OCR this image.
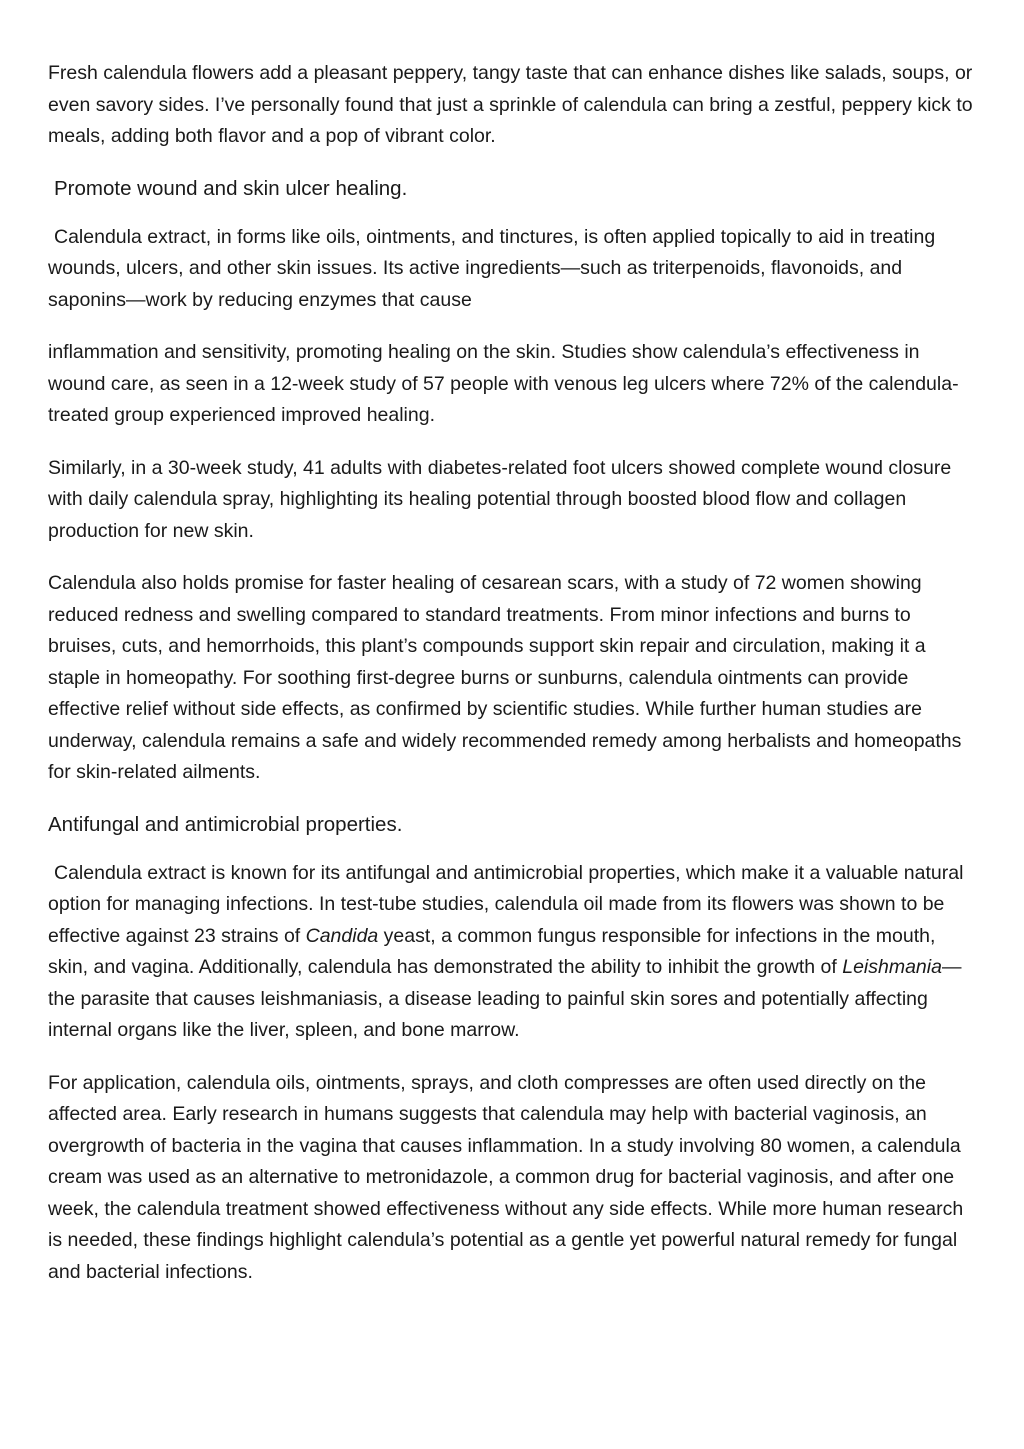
Fresh calendula flowers add a pleasant peppery, tangy taste that can enhance dishes like salads, soups, or even savory sides. I’ve personally found that just a sprinkle of calendula can bring a zestful, peppery kick to meals, adding both flavor and a pop of vibrant color.

Promote wound and skin ulcer healing.

Calendula extract, in forms like oils, ointments, and tinctures, is often applied topically to aid in treating wounds, ulcers, and other skin issues. Its active ingredients—such as triterpenoids, flavonoids, and saponins—work by reducing enzymes that cause

inflammation and sensitivity, promoting healing on the skin. Studies show calendula’s effectiveness in wound care, as seen in a 12-week study of 57 people with venous leg ulcers where 72% of the calendula-treated group experienced improved healing.

Similarly, in a 30-week study, 41 adults with diabetes-related foot ulcers showed complete wound closure with daily calendula spray, highlighting its healing potential through boosted blood flow and collagen production for new skin.

Calendula also holds promise for faster healing of cesarean scars, with a study of 72 women showing reduced redness and swelling compared to standard treatments. From minor infections and burns to bruises, cuts, and hemorrhoids, this plant’s compounds support skin repair and circulation, making it a staple in homeopathy. For soothing first-degree burns or sunburns, calendula ointments can provide effective relief without side effects, as confirmed by scientific studies. While further human studies are underway, calendula remains a safe and widely recommended remedy among herbalists and homeopaths for skin-related ailments.

Antifungal and antimicrobial properties.

Calendula extract is known for its antifungal and antimicrobial properties, which make it a valuable natural option for managing infections. In test-tube studies, calendula oil made from its flowers was shown to be effective against 23 strains of Candida yeast, a common fungus responsible for infections in the mouth, skin, and vagina. Additionally, calendula has demonstrated the ability to inhibit the growth of Leishmania—the parasite that causes leishmaniasis, a disease leading to painful skin sores and potentially affecting internal organs like the liver, spleen, and bone marrow.

For application, calendula oils, ointments, sprays, and cloth compresses are often used directly on the affected area. Early research in humans suggests that calendula may help with bacterial vaginosis, an overgrowth of bacteria in the vagina that causes inflammation. In a study involving 80 women, a calendula cream was used as an alternative to metronidazole, a common drug for bacterial vaginosis, and after one week, the calendula treatment showed effectiveness without any side effects. While more human research is needed, these findings highlight calendula’s potential as a gentle yet powerful natural remedy for fungal and bacterial infections.
